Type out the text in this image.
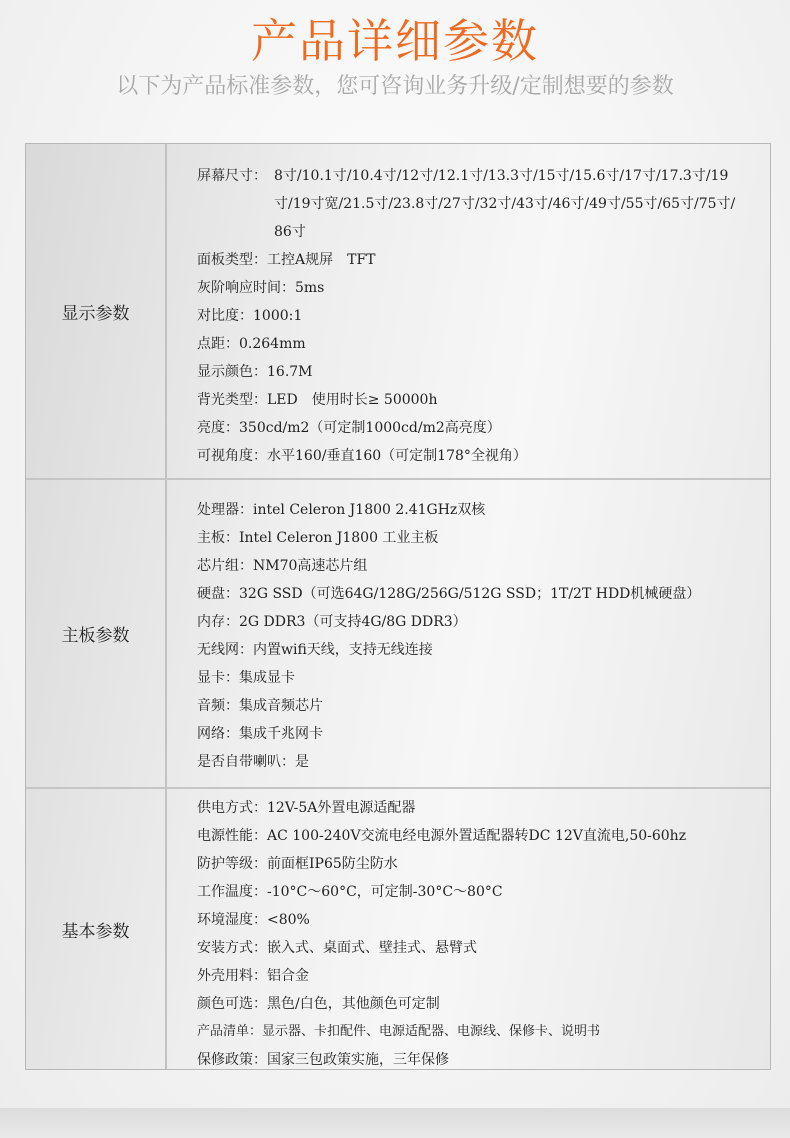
产品详细参数
以下为产品标准参数，您可咨询业务升级/定制想要的参数
显示参数
屏幕尺寸： 8寸/10.1寸/10.4寸/12寸/12.1寸/13.3寸/15寸/15.6寸/17寸/17.3寸/19寸/19寸宽/21.5寸/23.8寸/27寸/32寸/43寸/46寸/49寸/55寸/65寸/75寸/86寸
面板类型：工控A规屏　TFT
灰阶响应时间：5ms
对比度：1000:1
点距：0.264mm
显示颜色：16.7M
背光类型：LED　使用时长≥ 50000h
亮度：350cd/m2（可定制1000cd/m2高亮度）
可视角度：水平160/垂直160（可定制178°全视角）
主板参数
处理器：intel Celeron J1800 2.41GHz双核
主板：Intel Celeron J1800 工业主板
芯片组：NM70高速芯片组
硬盘：32G SSD（可选64G/128G/256G/512G SSD；1T/2T HDD机械硬盘）
内存：2G DDR3（可支持4G/8G DDR3）
无线网：内置wifi天线，支持无线连接
显卡：集成显卡
音频：集成音频芯片
网络：集成千兆网卡
是否自带喇叭：是
基本参数
供电方式：12V-5A外置电源适配器
电源性能：AC 100-240V交流电经电源外置适配器转DC 12V直流电,50-60hz
防护等级：前面框IP65防尘防水
工作温度：-10°C～60°C，可定制-30°C～80°C
环境湿度：<80%
安装方式：嵌入式、桌面式、壁挂式、悬臂式
外壳用料：铝合金
颜色可选：黑色/白色，其他颜色可定制
产品清单：显示器、卡扣配件、电源适配器、电源线、保修卡、说明书
保修政策：国家三包政策实施，三年保修
